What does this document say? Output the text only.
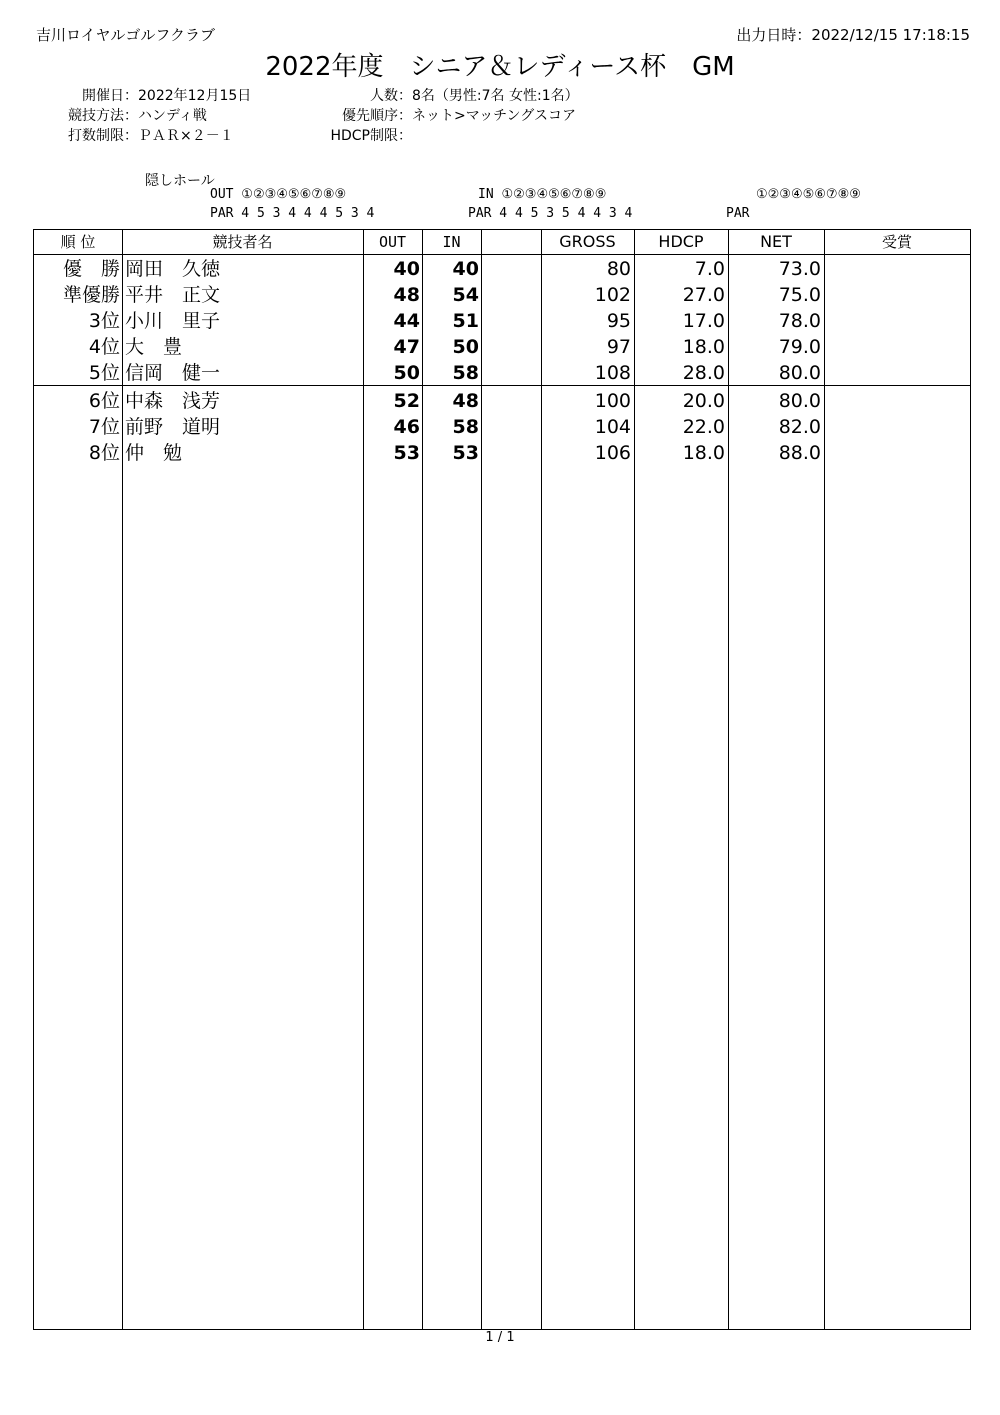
吉川ロイヤルゴルフクラブ	出力日時：2022/12/15 17:18:15
2022年度　シニア＆レディース杯　GM
開催日：2022年12月15日
競技方法：ハンディ戦
打数制限：ＰＡＲ×２－１
人数：8名（男性:7名 女性:1名）
優先順序：ネット>マッチングスコア
HDCP制限：
隠しホール
OUT ①②③④⑤⑥⑦⑧⑨
PAR 4 5 3 4 4 4 5 3 4
IN ①②③④⑤⑥⑦⑧⑨
PAR 4 4 5 3 5 4 4 3 4
①②③④⑤⑥⑦⑧⑨
PAR
順 位	競技者名	OUT	IN	GROSS	HDCP	NET	受賞
優　勝 岡田　久徳	40	40	80	7.0	73.0
準優勝 平井　正文	48	54	102	27.0	75.0
3位 小川　里子	44	51	95	17.0	78.0
4位 大　豊	47	50	97	18.0	79.0
5位 信岡　健一	50	58	108	28.0	80.0
6位 中森　浅芳	52	48	100	20.0	80.0
7位 前野　道明	46	58	104	22.0	82.0
8位 仲　勉	53	53	106	18.0	88.0
1 / 1
